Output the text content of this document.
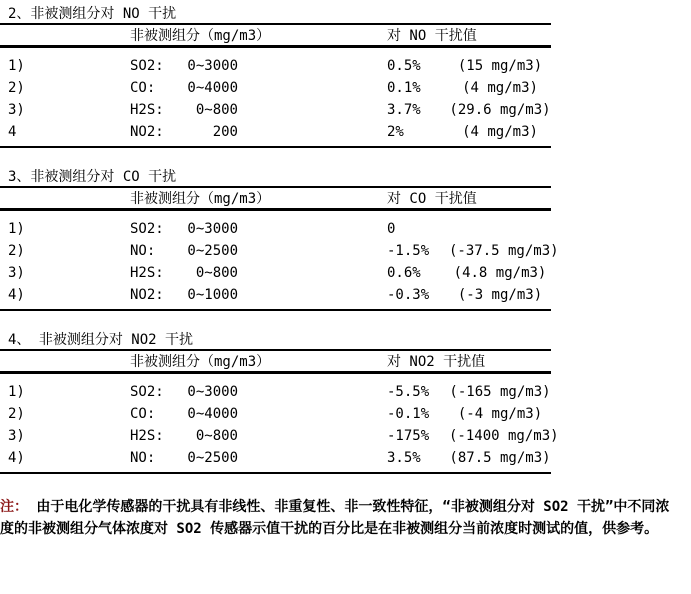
2、非被测组分对 NO 干扰
	非被测组分（mg/m3）			对 NO 干扰值	
1)	SO2:	0~3000		0.5%	(15 mg/m3)
2)	CO:	0~4000		0.1%	(4 mg/m3)
3)	H2S:	0~800		3.7%	(29.6 mg/m3)
4	NO2:	200		2%	(4 mg/m3)
3、非被测组分对 CO 干扰
	非被测组分（mg/m3）			对 CO 干扰值	
1)	SO2:	0~3000		0	
2)	NO:	0~2500		-1.5%	(-37.5 mg/m3)
3)	H2S:	0~800		0.6%	(4.8 mg/m3)
4)	NO2:	0~1000		-0.3%	(-3 mg/m3)
4、 非被测组分对 NO2 干扰
	非被测组分（mg/m3）			对 NO2 干扰值	
1)	SO2:	0~3000		-5.5%	(-165 mg/m3)
2)	CO:	0~4000		-0.1%	(-4 mg/m3)
3)	H2S:	0~800		-175%	(-1400 mg/m3)
4)	NO:	0~2500		3.5%	(87.5 mg/m3)
注： 由于电化学传感器的干扰具有非线性、非重复性、非一致性特征，“非被测组分对 SO2 干扰”中不同浓度的非被测组分气体浓度对 SO2 传感器示值干扰的百分比是在非被测组分当前浓度时测试的值，供参考。
